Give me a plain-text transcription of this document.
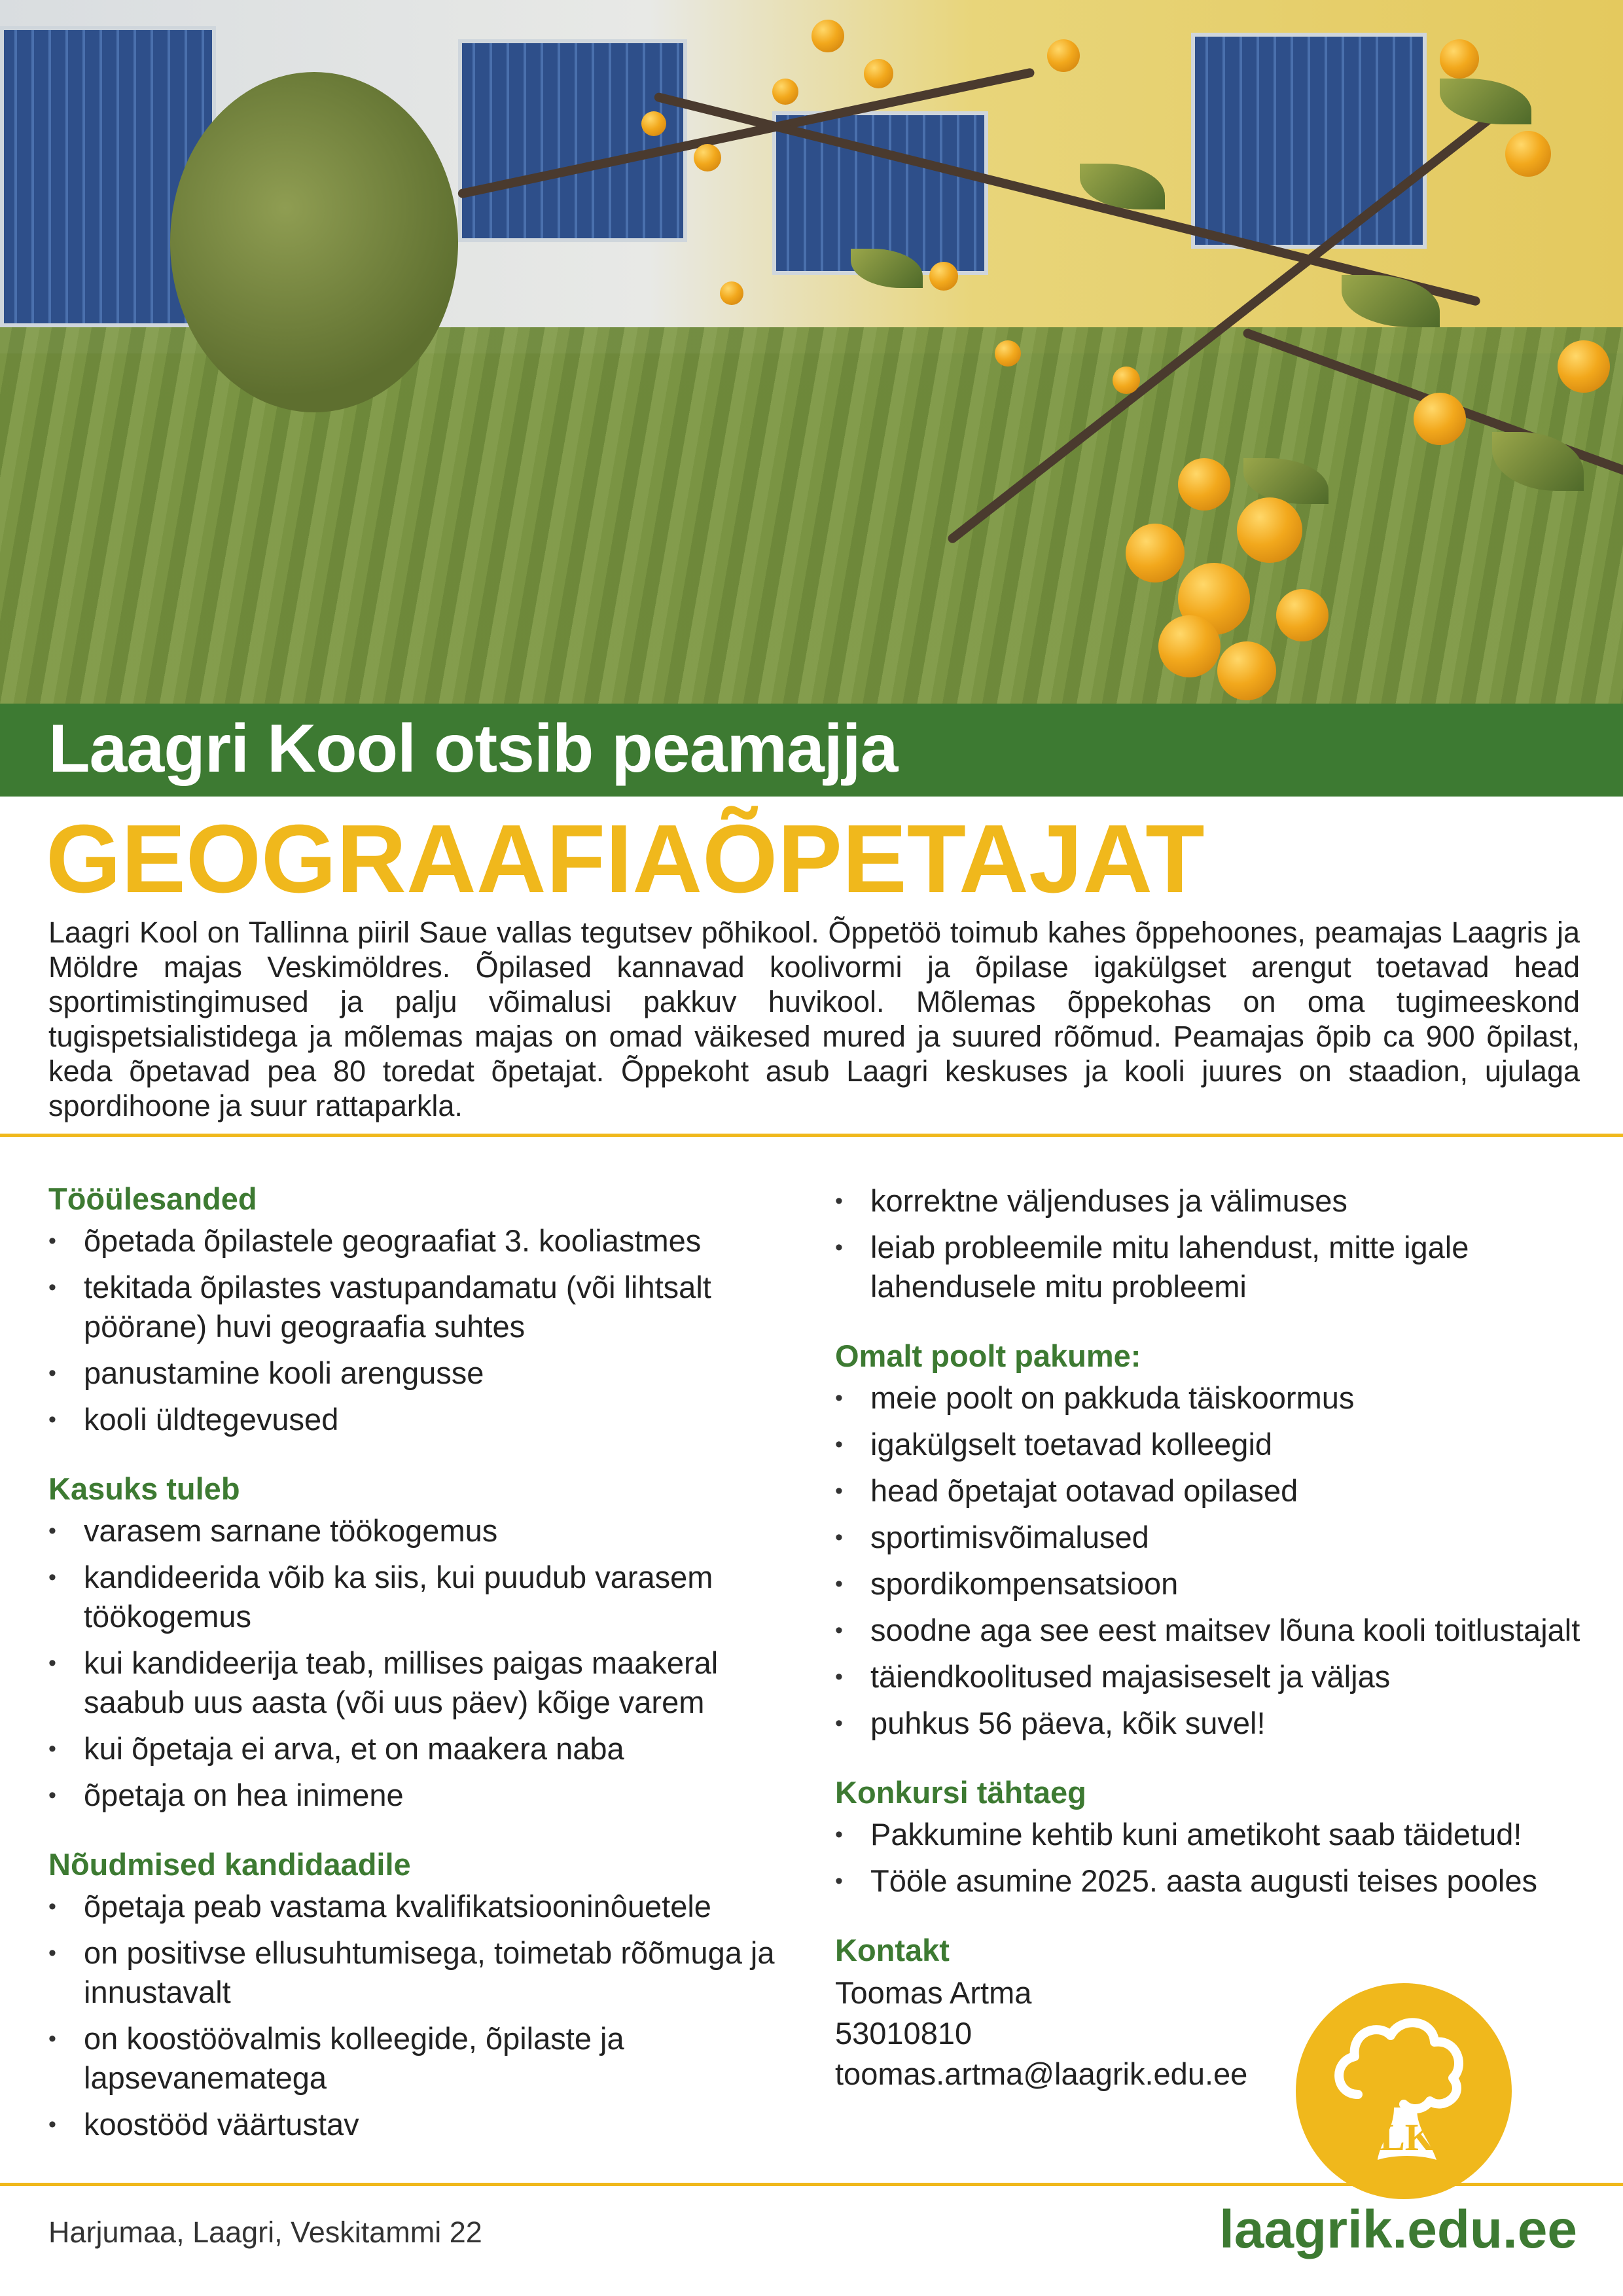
Laagri Kool otsib peamajja
GEOGRAAFIAÕPETAJAT
Laagri Kool on Tallinna piiril Saue vallas tegutsev põhikool. Õppetöö toimub kahes õppehoones, peamajas Laagris ja Möldre majas Veskimöldres. Õpilased kannavad koolivormi ja õpilase igakülgset arengut toetavad head sportimistingimused ja palju võimalusi pakkuv huvikool. Mõlemas õppekohas on oma tugimeeskond tugispetsialistidega ja mõlemas majas on omad väikesed mured ja suured rõõmud. Peamajas õpib ca 900 õpilast, keda õpetavad pea 80 toredat õpetajat. Õppekoht asub Laagri keskuses ja kooli juures on staadion, ujulaga spordihoone ja suur rattaparkla.
Tööülesanded
• õpetada õpilastele geograafiat 3. kooliastmes
• tekitada õpilastes vastupandamatu (või lihtsalt pöörane) huvi geograafia suhtes
• panustamine kooli arengusse
• kooli üldtegevused
Kasuks tuleb
• varasem sarnane töökogemus
• kandideerida võib ka siis, kui puudub varasem töökogemus
• kui kandideerija teab, millises paigas maakeral saabub uus aasta (või uus päev) kõige varem
• kui õpetaja ei arva, et on maakera naba
• õpetaja on hea inimene
Nõudmised kandidaadile
• õpetaja peab vastama kvalifikatsiooninôuetele
• on positivse ellusuhtumisega, toimetab rõõmuga ja innustavalt
• on koostöövalmis kolleegide, õpilaste ja lapsevanematega
• koostööd väärtustav
• korrektne väljenduses ja välimuses
• leiab probleemile mitu lahendust, mitte igale lahendusele mitu probleemi
Omalt poolt pakume:
• meie poolt on pakkuda täiskoormus
• igakülgselt toetavad kolleegid
• head õpetajat ootavad opilased
• sportimisvõimalused
• spordikompensatsioon
• soodne aga see eest maitsev lõuna kooli toitlustajalt
• täiendkoolitused majasiseselt ja väljas
• puhkus 56 päeva, kõik suvel!
Konkursi tähtaeg
• Pakkumine kehtib kuni ametikoht saab täidetud!
• Tööle asumine 2025. aasta augusti teises pooles
Kontakt
Toomas Artma
53010810
toomas.artma@laagrik.edu.ee
LK
Harjumaa, Laagri, Veskitammi 22	laagrik.edu.ee
